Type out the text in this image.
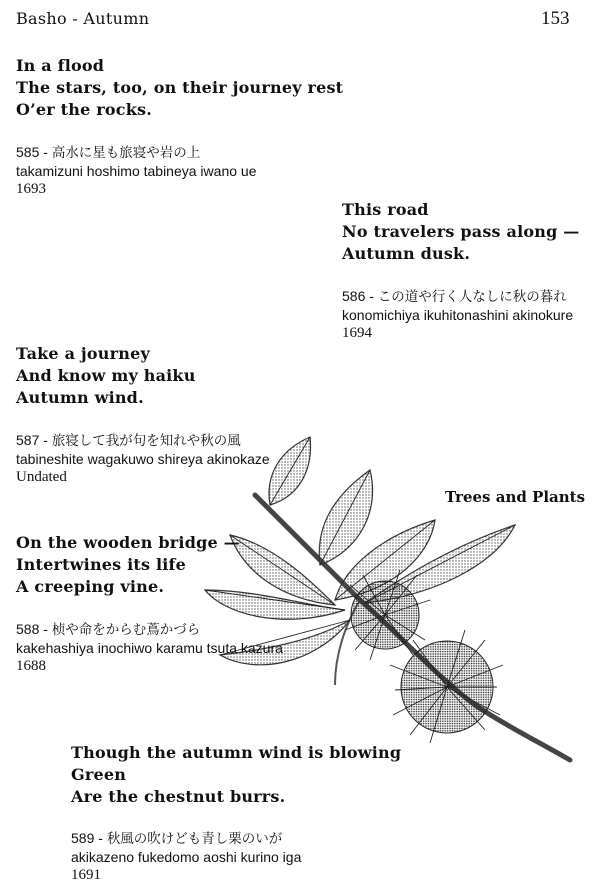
Basho - Autumn	153
Trees and Plants
In a flood
The stars, too, on their journey rest
O’er the rocks.
585 - 高水に星も旅寝や岩の上
takamizuni hoshimo tabineya iwano ue
1693
This road
No travelers pass along —
Autumn dusk.
586 - この道や行く人なしに秋の暮れ
konomichiya ikuhitonashini akinokure
1694
Take a journey
And know my haiku
Autumn wind.
587 - 旅寝して我が句を知れや秋の風
tabineshite wagakuwo shireya akinokaze
Undated
On the wooden bridge —
Intertwines its life
A creeping vine.
588 - 桢や命をからむ蔦かづら
kakehashiya inochiwo karamu tsuta kazura
1688
Though the autumn wind is blowing
Green
Are the chestnut burrs.
589 - 秋風の吹けども青し栗のいが
akikazeno fukedomo aoshi kurino iga
1691
